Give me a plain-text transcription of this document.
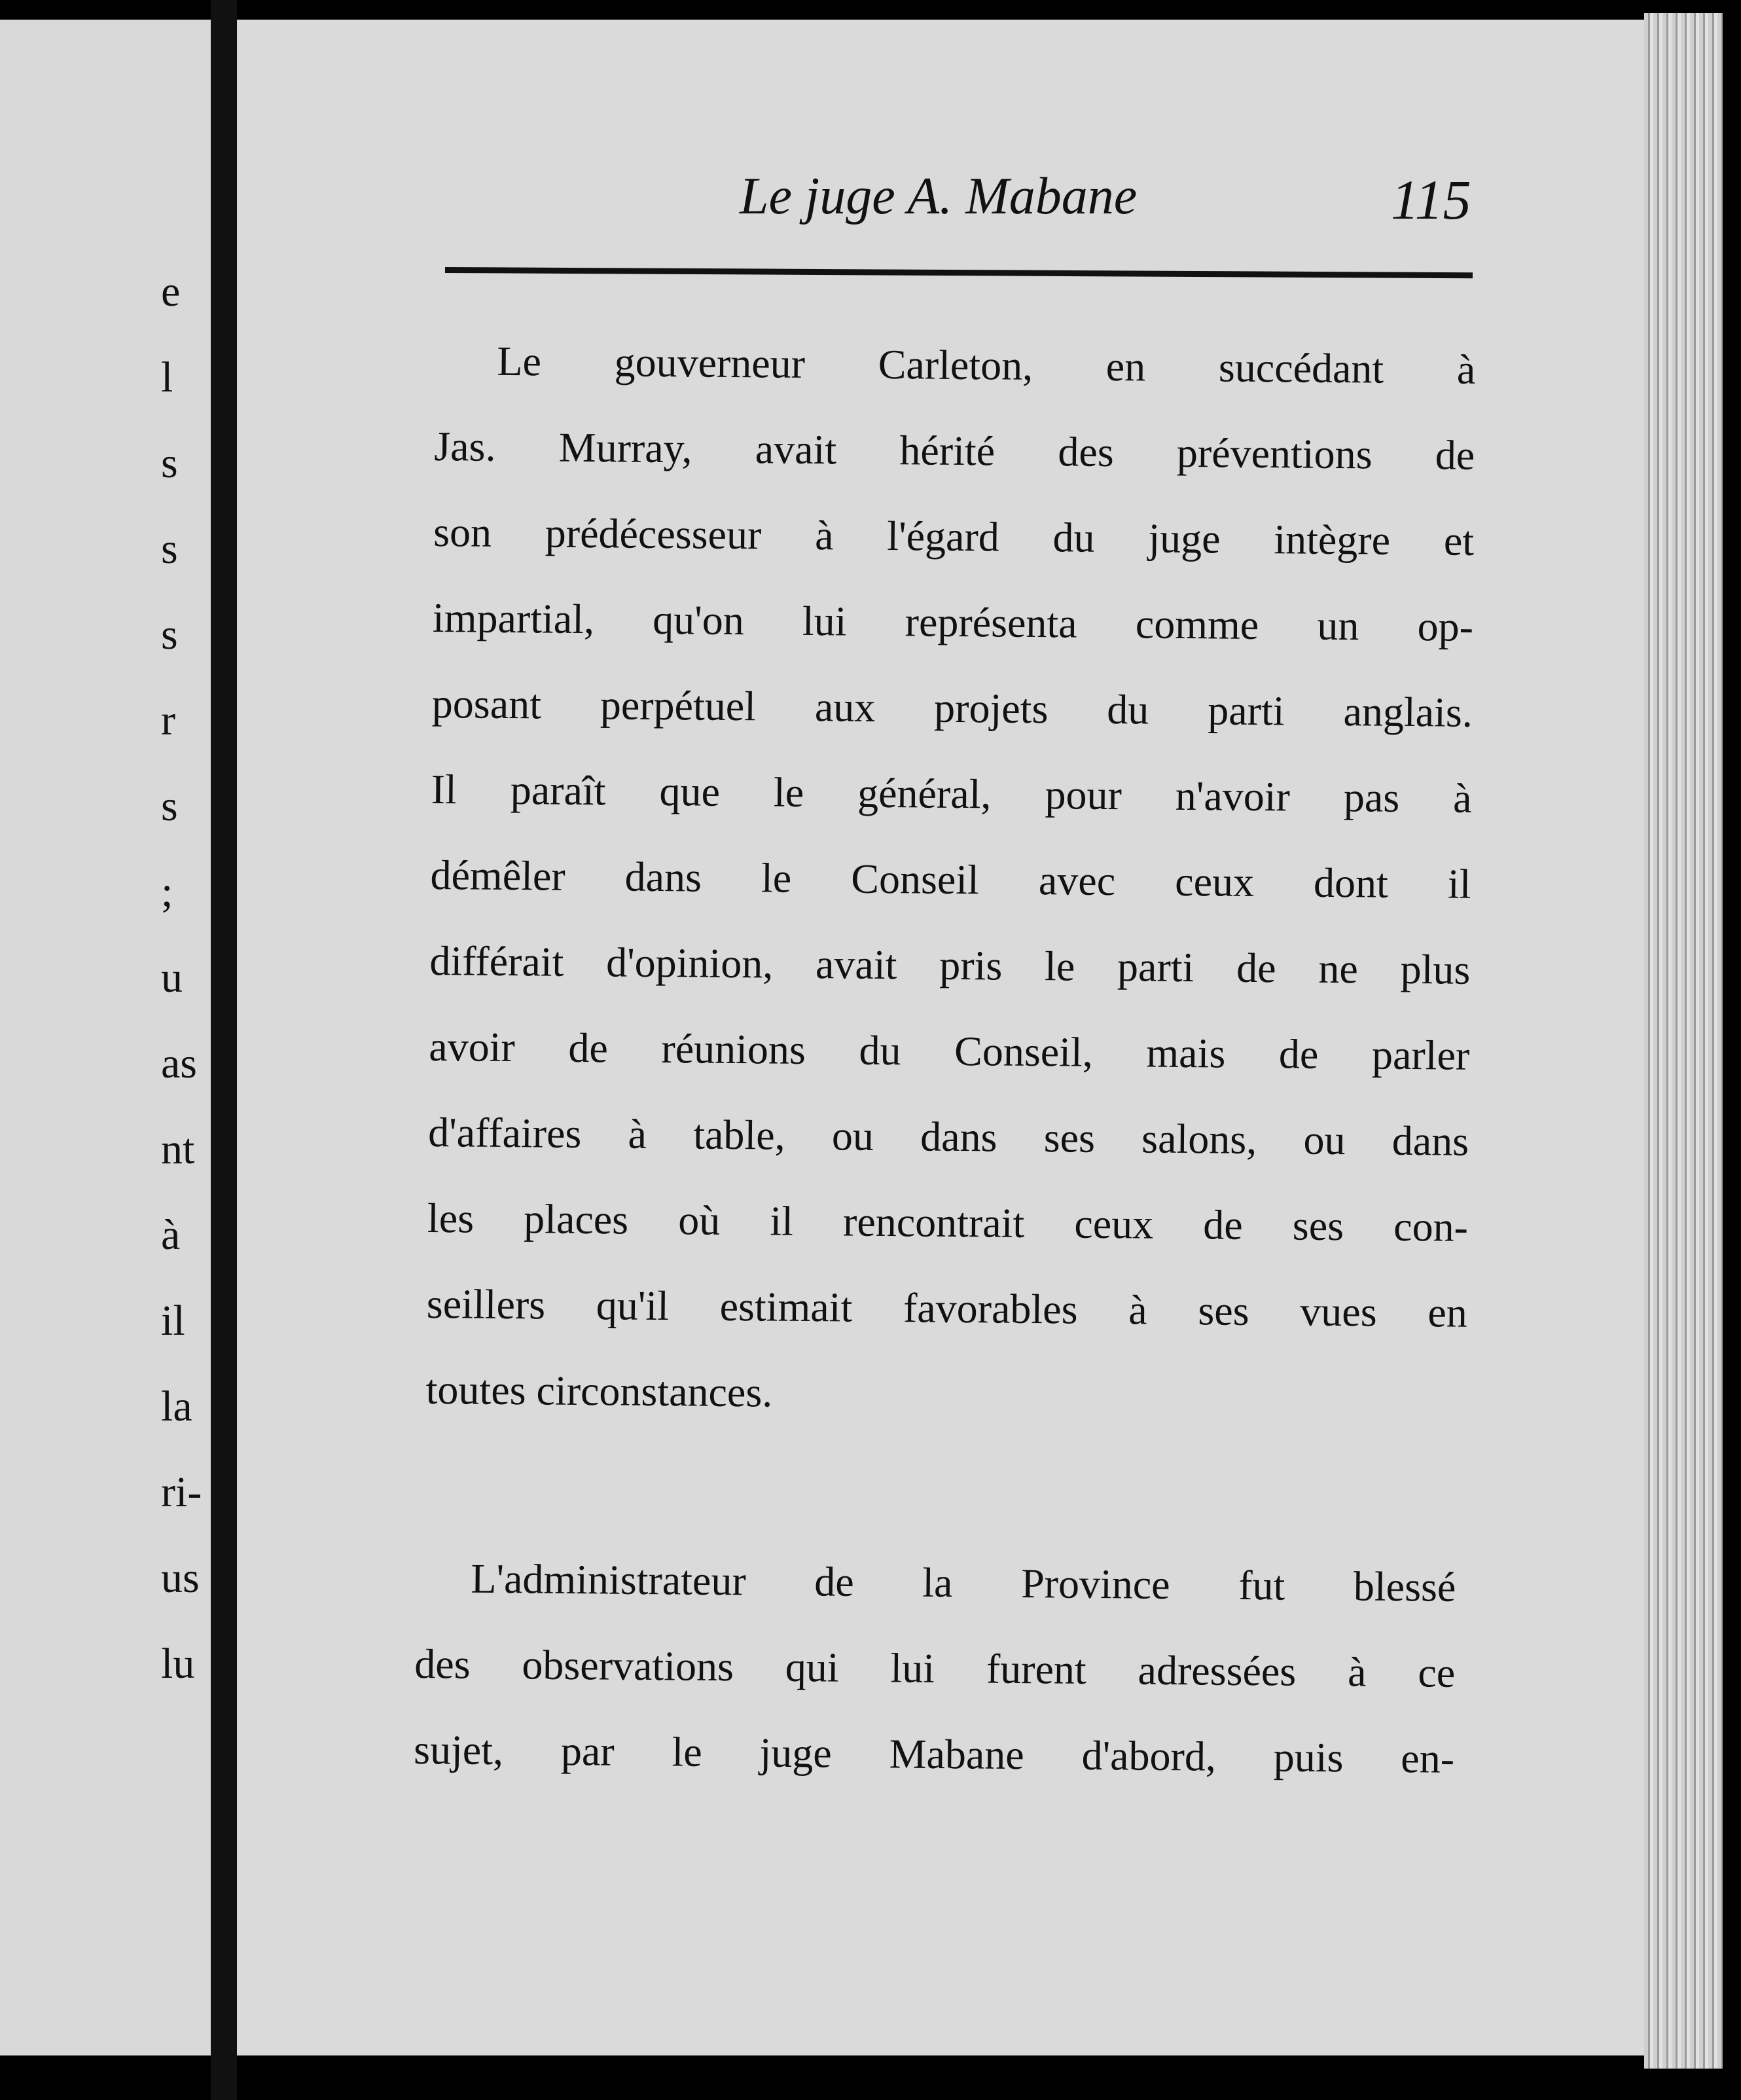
e
l
s
s
s
r
s
;
u
as
nt
à
il
la
ri-
us
lu
Le juge A. Mabane	115
Le gouverneur Carleton, en succédant à
Jas. Murray, avait hérité des préventions de
son prédécesseur à l'égard du juge intègre et
impartial, qu'on lui représenta comme un op-
posant perpétuel aux projets du parti anglais.
Il paraît que le général, pour n'avoir pas à
démêler dans le Conseil avec ceux dont il
différait d'opinion, avait pris le parti de ne plus
avoir de réunions du Conseil, mais de parler
d'affaires à table, ou dans ses salons, ou dans
les places où il rencontrait ceux de ses con-
seillers qu'il estimait favorables à ses vues en
toutes circonstances.
L'administrateur de la Province fut blessé
des observations qui lui furent adressées à ce
sujet, par le juge Mabane d'abord, puis en-
